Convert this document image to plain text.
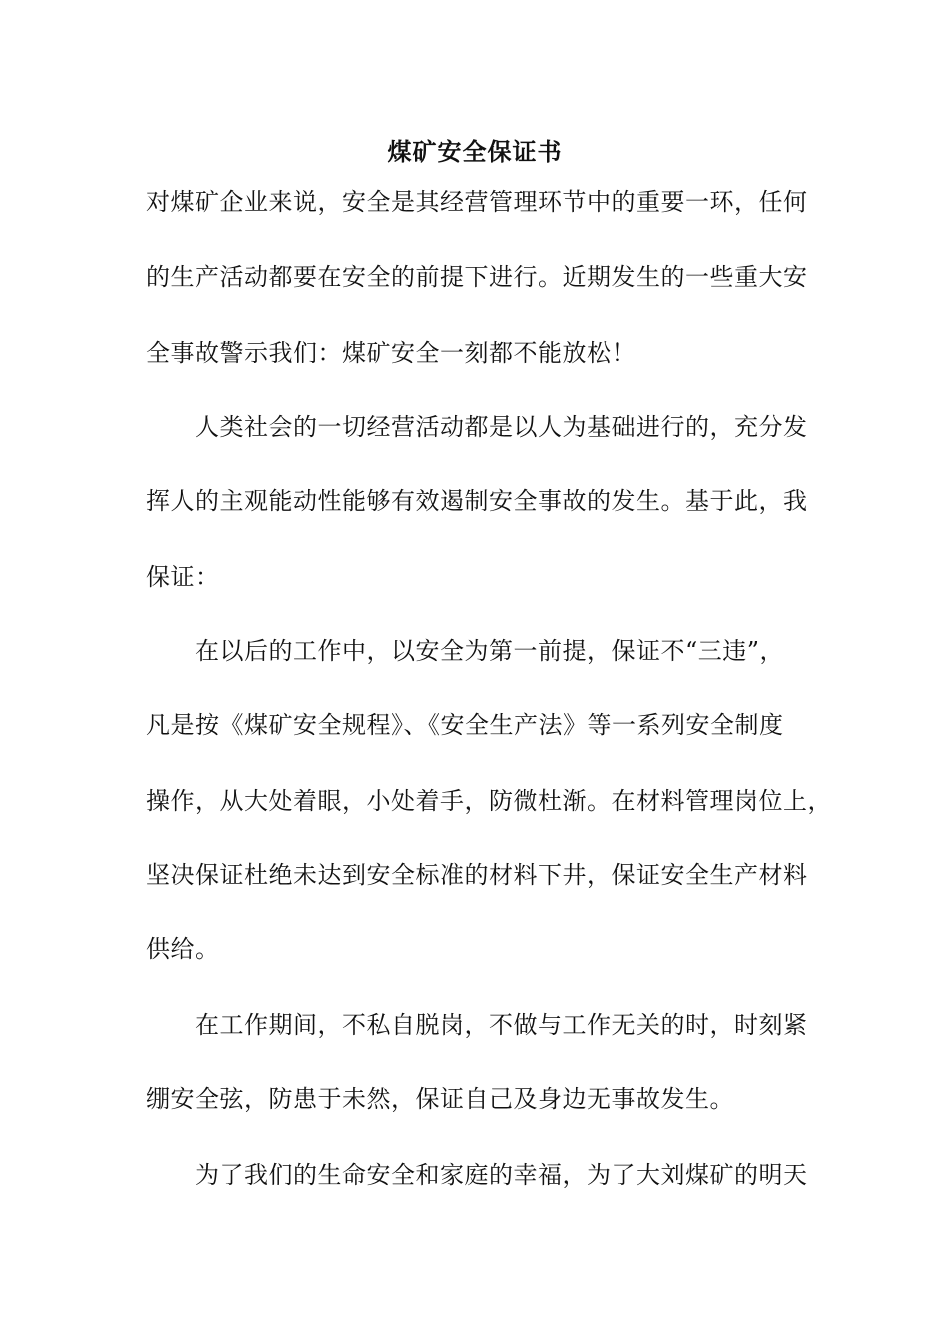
煤矿安全保证书
对煤矿企业来说，安全是其经营管理环节中的重要一环，任何
的生产活动都要在安全的前提下进行。近期发生的一些重大安
全事故警示我们：煤矿安全一刻都不能放松！
　　人类社会的一切经营活动都是以人为基础进行的，充分发
挥人的主观能动性能够有效遏制安全事故的发生。基于此，我
保证：
　　在以后的工作中，以安全为第一前提，保证不“三违”，
凡是按《煤矿安全规程》、《安全生产法》等一系列安全制度
操作，从大处着眼，小处着手，防微杜渐。在材料管理岗位上，
坚决保证杜绝未达到安全标准的材料下井，保证安全生产材料
供给。
　　在工作期间，不私自脱岗，不做与工作无关的时，时刻紧
绷安全弦，防患于未然，保证自己及身边无事故发生。
　　为了我们的生命安全和家庭的幸福，为了大刘煤矿的明天
